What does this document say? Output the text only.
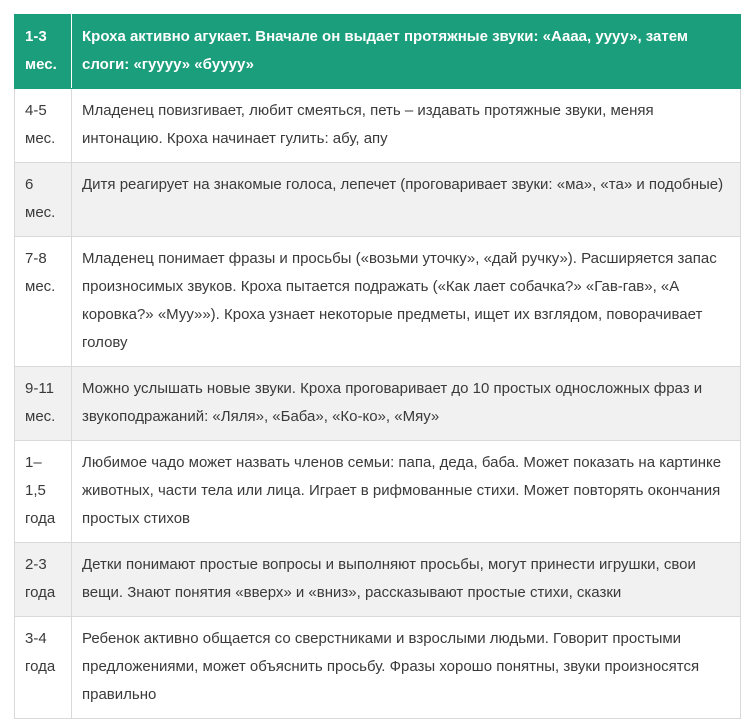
1-3 мес.	Кроха активно агукает. Вначале он выдает протяжные звуки: «Аааа, уууу», затем слоги: «гуууу» «бyууу»
4-5 мес.	Младенец повизгивает, любит смеяться, петь – издавать протяжные звуки, меняя интонацию. Кроха начинает гулить: абу, апу
6 мес.	Дитя реагирует на знакомые голоса, лепечет (проговаривает звуки: «ма», «та» и подобные)
7-8 мес.	Младенец понимает фразы и просьбы («возьми уточку», «дай ручку»). Расширяется запас произносимых звуков. Кроха пытается подражать («Как лает собачка?» «Гав-гав», «А коровка?» «Муу»»). Кроха узнает некоторые предметы, ищет их взглядом, поворачивает голову
9-11 мес.	Можно услышать новые звуки. Кроха проговаривает до 10 простых односложных фраз и звукоподражаний: «Ляля», «Баба», «Ко-ко», «Мяу»
1–1,5 года	Любимое чадо может назвать членов семьи: папа, деда, баба. Может показать на картинке животных, части тела или лица. Играет в рифмованные стихи. Может повторять окончания простых стихов
2-3 года	Детки понимают простые вопросы и выполняют просьбы, могут принести игрушки, свои вещи. Знают понятия «вверх» и «вниз», рассказывают простые стихи, сказки
3-4 года	Ребенок активно общается со сверстниками и взрослыми людьми. Говорит простыми предложениями, может объяснить просьбу. Фразы хорошо понятны, звуки произносятся правильно
